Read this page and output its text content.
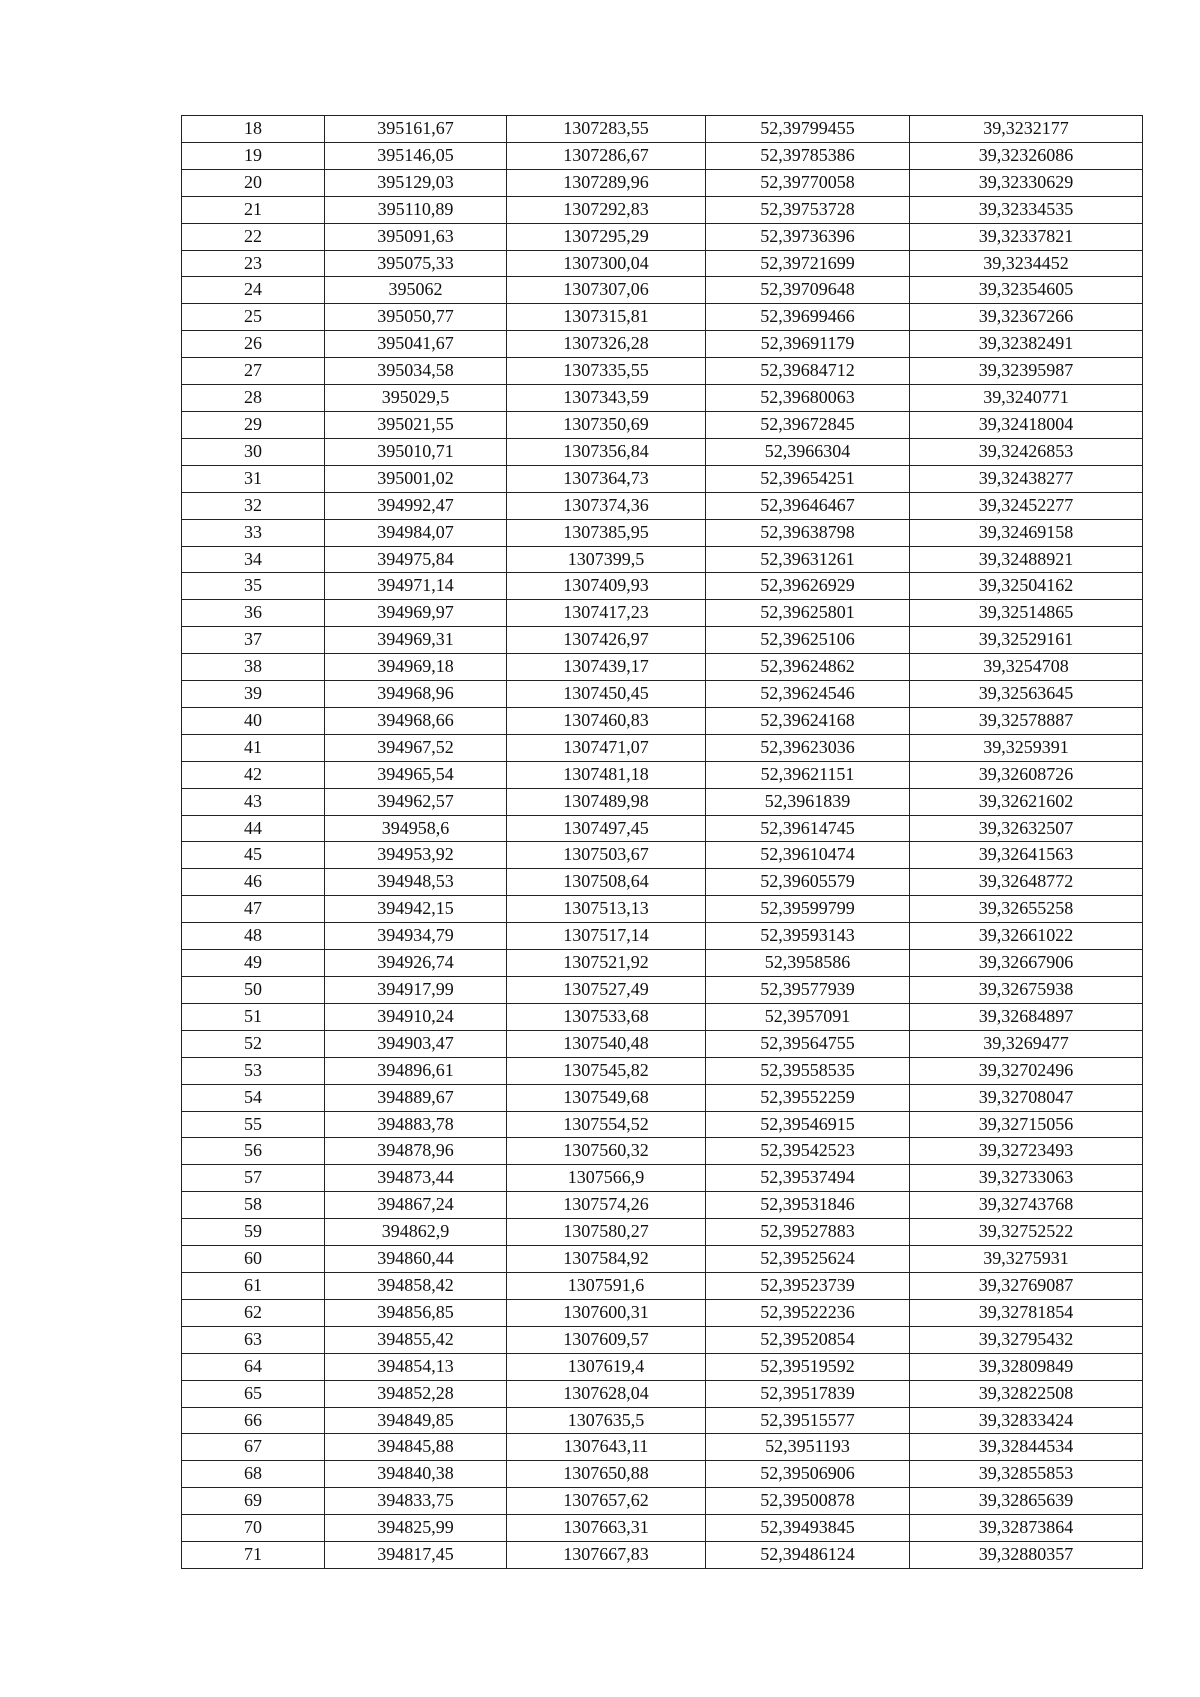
18	395161,67	1307283,55	52,39799455	39,3232177
19	395146,05	1307286,67	52,39785386	39,32326086
20	395129,03	1307289,96	52,39770058	39,32330629
21	395110,89	1307292,83	52,39753728	39,32334535
22	395091,63	1307295,29	52,39736396	39,32337821
23	395075,33	1307300,04	52,39721699	39,3234452
24	395062	1307307,06	52,39709648	39,32354605
25	395050,77	1307315,81	52,39699466	39,32367266
26	395041,67	1307326,28	52,39691179	39,32382491
27	395034,58	1307335,55	52,39684712	39,32395987
28	395029,5	1307343,59	52,39680063	39,3240771
29	395021,55	1307350,69	52,39672845	39,32418004
30	395010,71	1307356,84	52,3966304	39,32426853
31	395001,02	1307364,73	52,39654251	39,32438277
32	394992,47	1307374,36	52,39646467	39,32452277
33	394984,07	1307385,95	52,39638798	39,32469158
34	394975,84	1307399,5	52,39631261	39,32488921
35	394971,14	1307409,93	52,39626929	39,32504162
36	394969,97	1307417,23	52,39625801	39,32514865
37	394969,31	1307426,97	52,39625106	39,32529161
38	394969,18	1307439,17	52,39624862	39,3254708
39	394968,96	1307450,45	52,39624546	39,32563645
40	394968,66	1307460,83	52,39624168	39,32578887
41	394967,52	1307471,07	52,39623036	39,3259391
42	394965,54	1307481,18	52,39621151	39,32608726
43	394962,57	1307489,98	52,3961839	39,32621602
44	394958,6	1307497,45	52,39614745	39,32632507
45	394953,92	1307503,67	52,39610474	39,32641563
46	394948,53	1307508,64	52,39605579	39,32648772
47	394942,15	1307513,13	52,39599799	39,32655258
48	394934,79	1307517,14	52,39593143	39,32661022
49	394926,74	1307521,92	52,3958586	39,32667906
50	394917,99	1307527,49	52,39577939	39,32675938
51	394910,24	1307533,68	52,3957091	39,32684897
52	394903,47	1307540,48	52,39564755	39,3269477
53	394896,61	1307545,82	52,39558535	39,32702496
54	394889,67	1307549,68	52,39552259	39,32708047
55	394883,78	1307554,52	52,39546915	39,32715056
56	394878,96	1307560,32	52,39542523	39,32723493
57	394873,44	1307566,9	52,39537494	39,32733063
58	394867,24	1307574,26	52,39531846	39,32743768
59	394862,9	1307580,27	52,39527883	39,32752522
60	394860,44	1307584,92	52,39525624	39,3275931
61	394858,42	1307591,6	52,39523739	39,32769087
62	394856,85	1307600,31	52,39522236	39,32781854
63	394855,42	1307609,57	52,39520854	39,32795432
64	394854,13	1307619,4	52,39519592	39,32809849
65	394852,28	1307628,04	52,39517839	39,32822508
66	394849,85	1307635,5	52,39515577	39,32833424
67	394845,88	1307643,11	52,3951193	39,32844534
68	394840,38	1307650,88	52,39506906	39,32855853
69	394833,75	1307657,62	52,39500878	39,32865639
70	394825,99	1307663,31	52,39493845	39,32873864
71	394817,45	1307667,83	52,39486124	39,32880357
